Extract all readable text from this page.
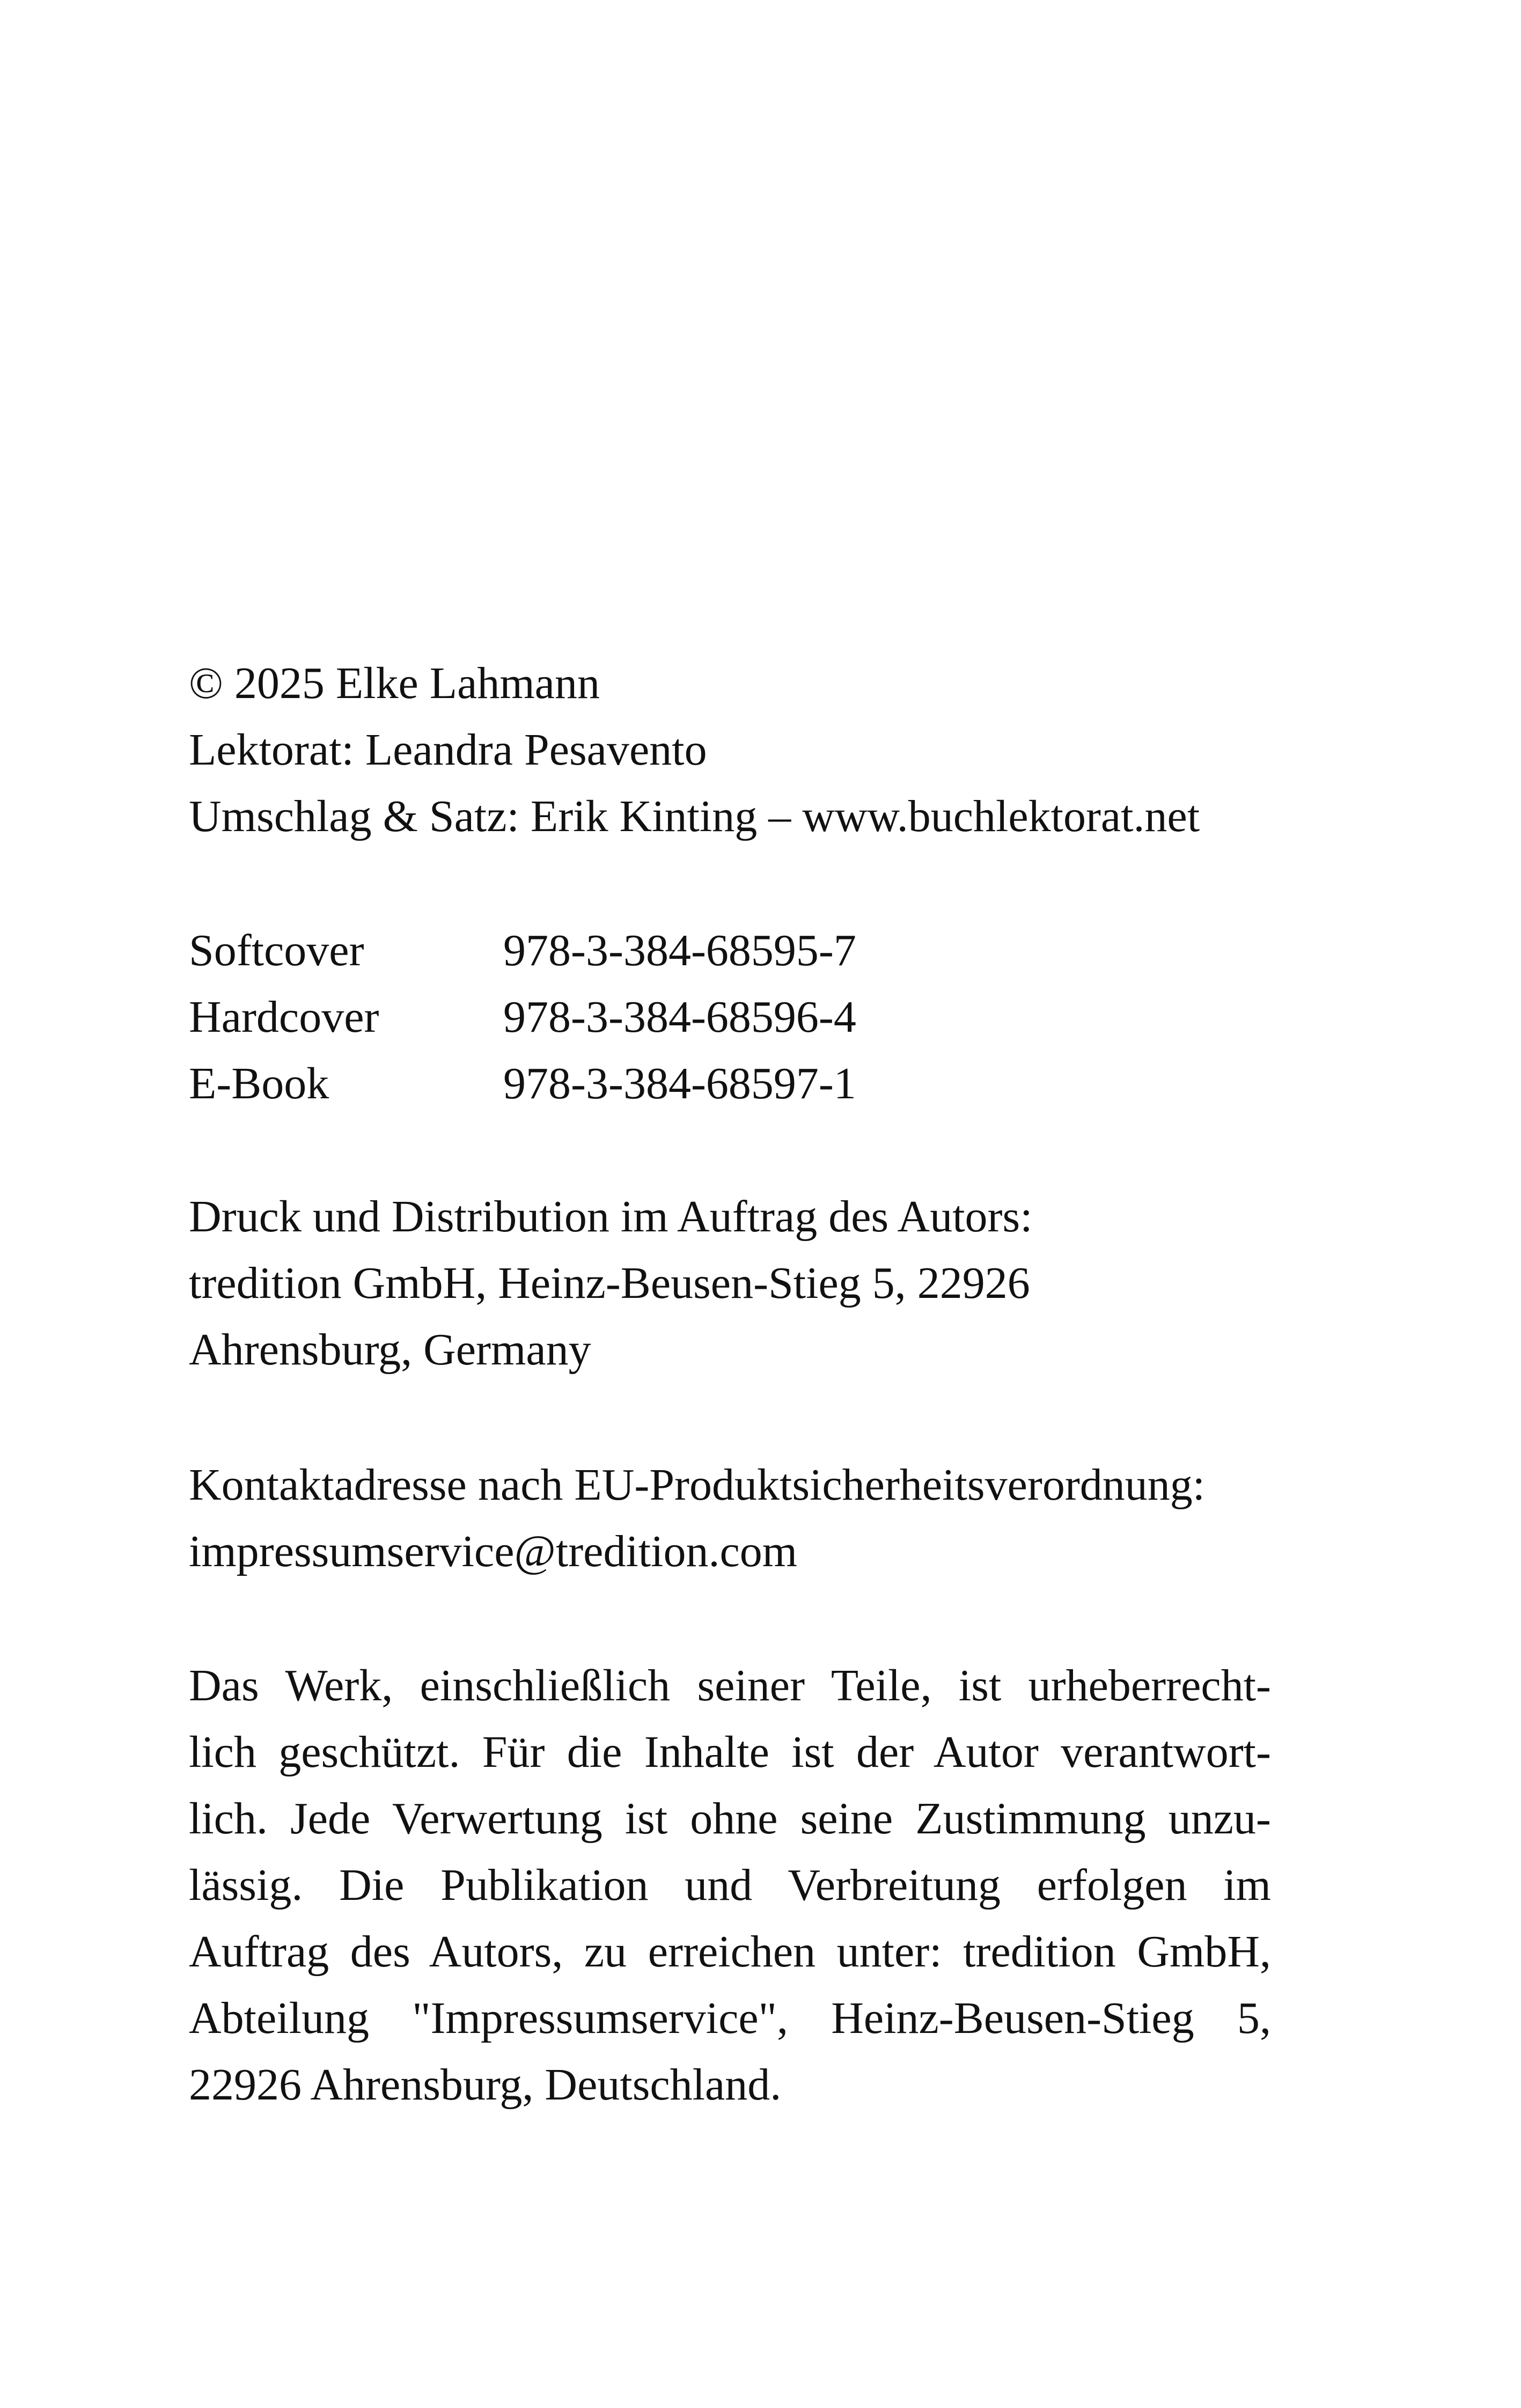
© 2025 Elke Lahmann
Lektorat: Leandra Pesavento
Umschlag & Satz: Erik Kinting – www.buchlektorat.net
Softcover	978-3-384-68595-7
Hardcover	978-3-384-68596-4
E-Book	978-3-384-68597-1
Druck und Distribution im Auftrag des Autors:
tredition GmbH, Heinz-Beusen-Stieg 5, 22926
Ahrensburg, Germany
Kontaktadresse nach EU-Produktsicherheitsverordnung:
impressumservice@tredition.com
Das Werk, einschließlich seiner Teile, ist urheberrecht-
lich geschützt. Für die Inhalte ist der Autor verantwort-
lich. Jede Verwertung ist ohne seine Zustimmung unzu-
lässig. Die Publikation und Verbreitung erfolgen im
Auftrag des Autors, zu erreichen unter: tredition GmbH,
Abteilung "Impressumservice", Heinz-Beusen-Stieg 5,
22926 Ahrensburg, Deutschland.
